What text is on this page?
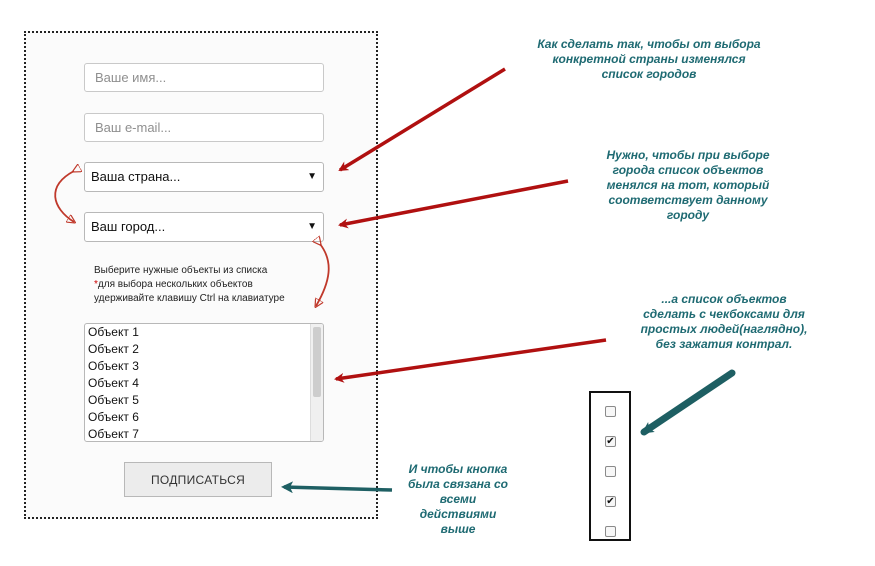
Ваше имя...
Ваш e-mail...
Ваша страна...	▼
Ваш город...	▼
Выберите нужные объекты из списка
*для выбора нескольких объектов
удерживайте клавишу Ctrl на клавиатуре
Объект 1
Объект 2
Объект 3
Объект 4
Объект 5
Объект 6
Объект 7
ПОДПИСАТЬСЯ
Как сделать так, чтобы от выбора
конкретной страны изменялся
список городов
Нужно, чтобы при выборе
города список объектов
менялся на тот, который
соответствует данному
городу
...а список объектов
сделать с чекбоксами для
простых людей(наглядно),
без зажатия контрал.
И чтобы кнопка
была связана со
всеми
действиями
выше
✔
✔
